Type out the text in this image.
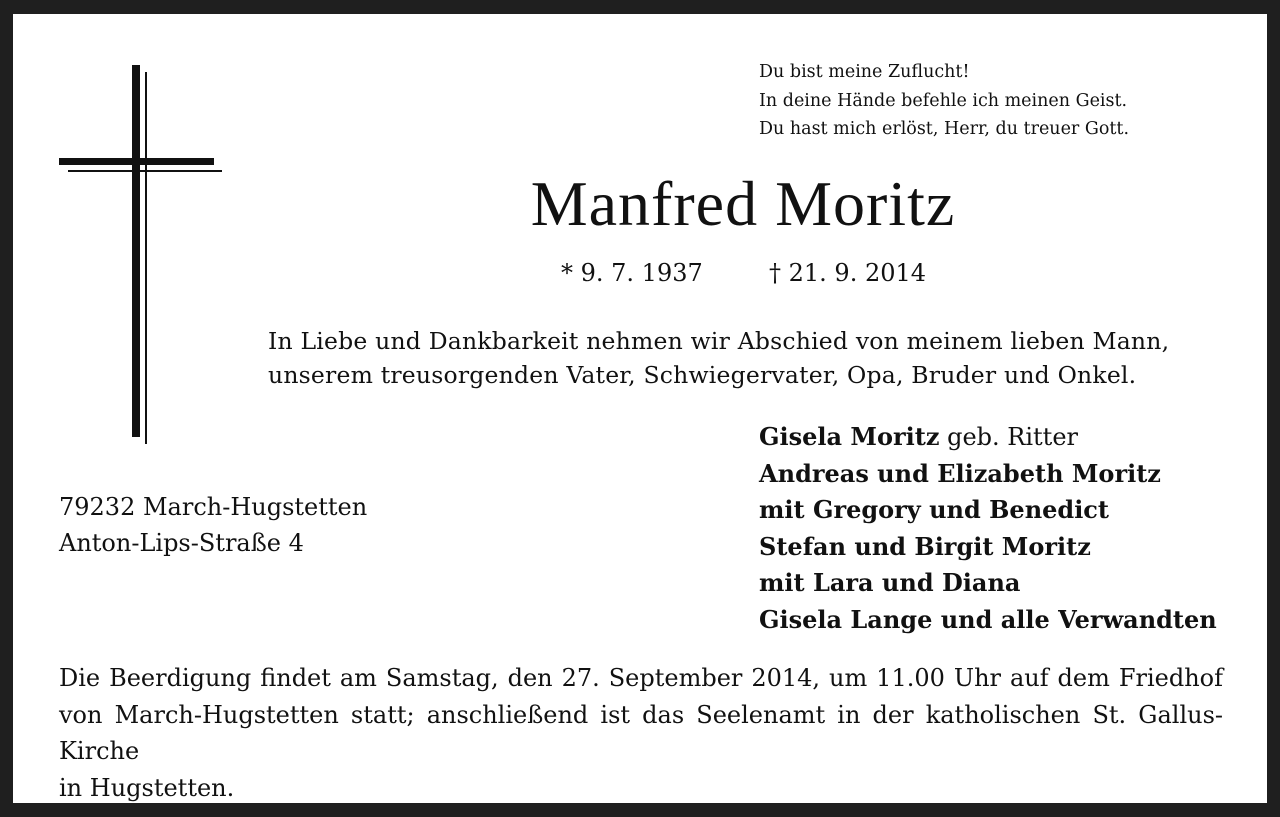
Du bist meine Zuflucht!
In deine Hände befehle ich meinen Geist.
Du hast mich erlöst, Herr, du treuer Gott.
Manfred Moritz
* 9. 7. 1937	† 21. 9. 2014
In Liebe und Dankbarkeit nehmen wir Abschied von meinem lieben Mann,
unserem treusorgenden Vater, Schwiegervater, Opa, Bruder und Onkel.
Gisela Moritz geb. Ritter
Andreas und Elizabeth Moritz
mit Gregory und Benedict
Stefan und Birgit Moritz
mit Lara und Diana
Gisela Lange und alle Verwandten
79232 March-Hugstetten
Anton-Lips-Straße 4
Die Beerdigung findet am Samstag, den 27. September 2014, um 11.00 Uhr auf dem Friedhof
von March-Hugstetten statt; anschließend ist das Seelenamt in der katholischen St. Gallus-Kirche
in Hugstetten.
